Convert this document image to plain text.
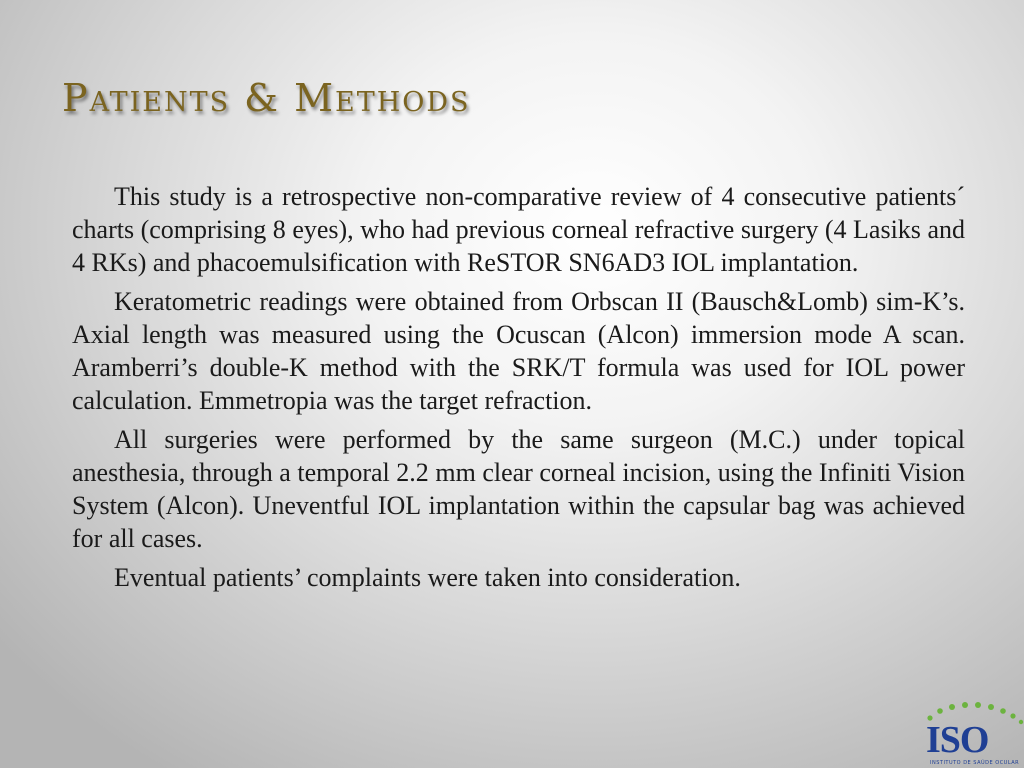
Patients & Methods

This study is a retrospective non-comparative review of 4 consecutive patients´ charts (comprising 8 eyes), who had previous corneal refractive surgery (4 Lasiks and 4 RKs) and phacoemulsification with ReSTOR SN6AD3 IOL implantation.

Keratometric readings were obtained from Orbscan II (Bausch&Lomb) sim-K’s. Axial length was measured using the Ocuscan (Alcon) immersion mode A scan. Aramberri’s double-K method with the SRK/T formula was used for IOL power calculation. Emmetropia was the target refraction.

All surgeries were performed by the same surgeon (M.C.) under topical anesthesia, through a temporal 2.2 mm clear corneal incision, using the Infiniti Vision System (Alcon). Uneventful IOL implantation within the capsular bag was achieved for all cases.

Eventual patients’ complaints were taken into consideration.

ISO
INSTITUTO DE SAÚDE OCULAR
